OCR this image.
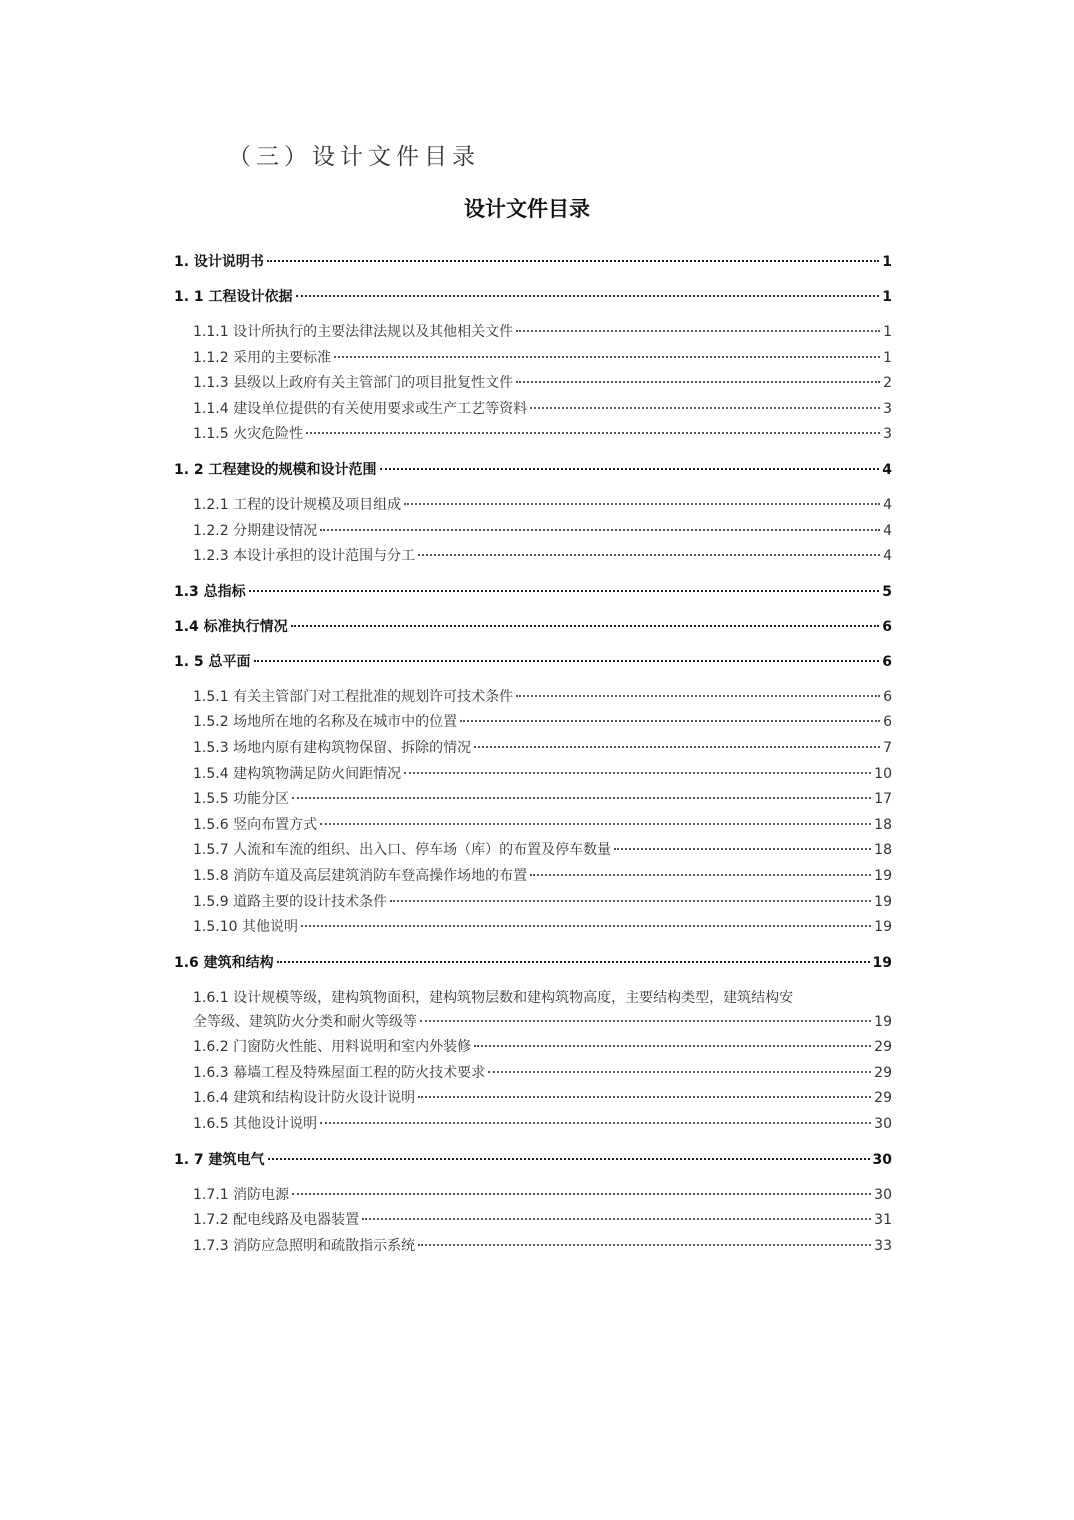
（三）设计文件目录
设计文件目录
1. 设计说明书	1
1. 1 工程设计依据	1
1.1.1 设计所执行的主要法律法规以及其他相关文件	1
1.1.2 采用的主要标准	1
1.1.3 县级以上政府有关主管部门的项目批复性文件	2
1.1.4 建设单位提供的有关使用要求或生产工艺等资料	3
1.1.5 火灾危险性	3
1. 2 工程建设的规模和设计范围	4
1.2.1 工程的设计规模及项目组成	4
1.2.2 分期建设情况	4
1.2.3 本设计承担的设计范围与分工	4
1.3 总指标	5
1.4 标准执行情况	6
1. 5 总平面	6
1.5.1 有关主管部门对工程批准的规划许可技术条件	6
1.5.2 场地所在地的名称及在城市中的位置	6
1.5.3 场地内原有建构筑物保留、拆除的情况	7
1.5.4 建构筑物满足防火间距情况	10
1.5.5 功能分区	17
1.5.6 竖向布置方式	18
1.5.7 人流和车流的组织、出入口、停车场（库）的布置及停车数量	18
1.5.8 消防车道及高层建筑消防车登高操作场地的布置	19
1.5.9 道路主要的设计技术条件	19
1.5.10 其他说明	19
1.6 建筑和结构	19
1.6.1 设计规模等级，建构筑物面积，建构筑物层数和建构筑物高度，主要结构类型，建筑结构安
全等级、建筑防火分类和耐火等级等	19
1.6.2 门窗防火性能、用料说明和室内外装修	29
1.6.3 幕墙工程及特殊屋面工程的防火技术要求	29
1.6.4 建筑和结构设计防火设计说明	29
1.6.5 其他设计说明	30
1. 7 建筑电气	30
1.7.1 消防电源	30
1.7.2 配电线路及电器装置	31
1.7.3 消防应急照明和疏散指示系统	33
